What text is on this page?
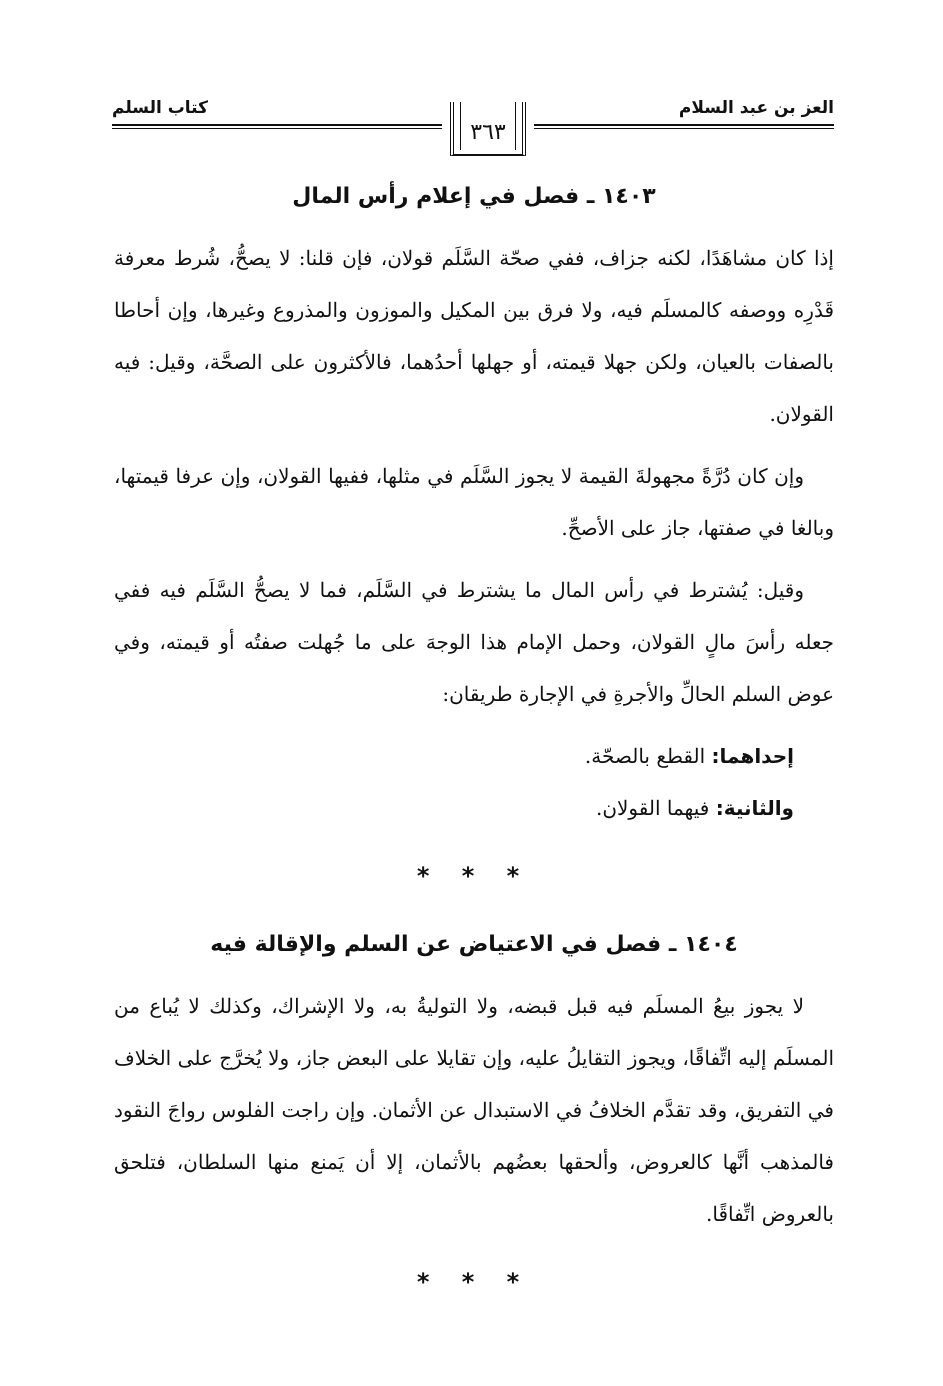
العز بن عبد السلام
كتاب السلم
٣٦٣
١٤٠٣ ـ فصل في إعلام رأس المال

إذا كان مشاهَدًا، لكنه جزاف، ففي صحّة السَّلَم قولان، فإن قلنا: لا يصحُّ، شُرط معرفة قَدْرِه ووصفه كالمسلَم فيه، ولا فرق بين المكيل والموزون والمذروع وغيرها، وإن أحاطا بالصفات بالعيان، ولكن جهلا قيمته، أو جهلها أحدُهما، فالأكثرون على الصحَّة، وقيل: فيه القولان.

وإن كان دُرَّةً مجهولةَ القيمة لا يجوز السَّلَم في مثلها، ففيها القولان، وإن عرفا قيمتها، وبالغا في صفتها، جاز على الأصحِّ.

وقيل: يُشترط في رأس المال ما يشترط في السَّلَم، فما لا يصحُّ السَّلَم فيه ففي جعله رأسَ مالٍ القولان، وحمل الإمام هذا الوجهَ على ما جُهلت صفتُه أو قيمته، وفي عوض السلم الحالِّ والأجرةِ في الإجارة طريقان:

إحداهما: القطع بالصحّة.

والثانية: فيهما القولان.

* * *
١٤٠٤ ـ فصل في الاعتياض عن السلم والإقالة فيه

لا يجوز بيعُ المسلَم فيه قبل قبضه، ولا التوليةُ به، ولا الإشراك، وكذلك لا يُباع من المسلَم إليه اتِّفاقًا، ويجوز التقايلُ عليه، وإن تقايلا على البعض جاز، ولا يُخرَّج على الخلاف في التفريق، وقد تقدَّم الخلافُ في الاستبدال عن الأثمان. وإن راجت الفلوس رواجَ النقود فالمذهب أنَّها كالعروض، وألحقها بعضُهم بالأثمان، إلا أن يَمنع منها السلطان، فتلحق بالعروض اتِّفاقًا.

* * *
